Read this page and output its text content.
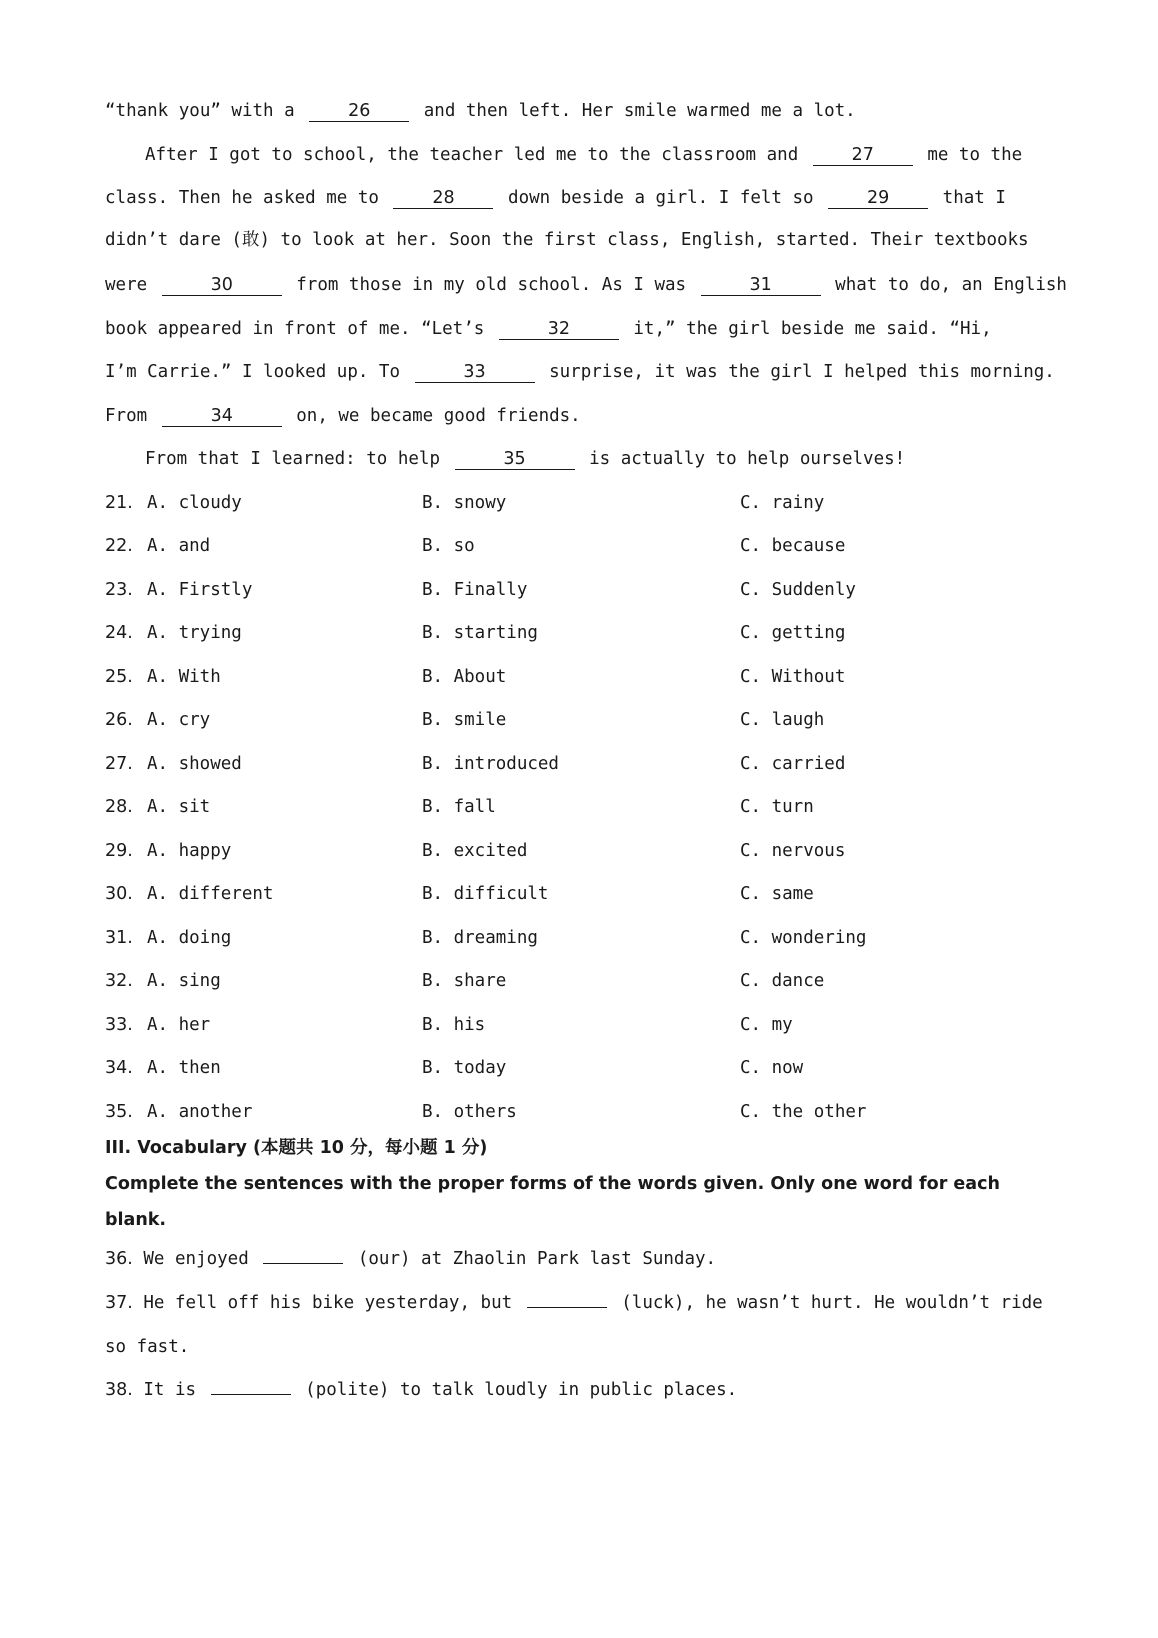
“thank you” with a	26	and then left. Her smile warmed me a lot.
After I got to school, the teacher led me to the classroom and	27	me to the
class. Then he asked me to	28	down beside a girl. I felt so	29	that I
didn’t dare (敢) to look at her. Soon the first class, English, started. Their textbooks
were	30	from those in my old school. As I was	31	what to do, an English
book appeared in front of me. “Let’s	32	it,” the girl beside me said. “Hi,
I’m Carrie.” I looked up. To	33	surprise, it was the girl I helped this morning.
From	34	on, we became good friends.
From that I learned: to help	35	is actually to help ourselves!
21. A. cloudy	B. snowy	C. rainy
22. A. and	B. so	C. because
23. A. Firstly	B. Finally	C. Suddenly
24. A. trying	B. starting	C. getting
25. A. With	B. About	C. Without
26. A. cry	B. smile	C. laugh
27. A. showed	B. introduced	C. carried
28. A. sit	B. fall	C. turn
29. A. happy	B. excited	C. nervous
30. A. different	B. difficult	C. same
31. A. doing	B. dreaming	C. wondering
32. A. sing	B. share	C. dance
33. A. her	B. his	C. my
34. A. then	B. today	C. now
35. A. another	B. others	C. the other
III. Vocabulary (本题共 10 分，每小题 1 分)
Complete the sentences with the proper forms of the words given. Only one word for each blank.
36. We enjoyed	(our) at Zhaolin Park last Sunday.
37. He fell off his bike yesterday, but	(luck), he wasn’t hurt. He wouldn’t ride
so fast.
38. It is	(polite) to talk loudly in public places.
